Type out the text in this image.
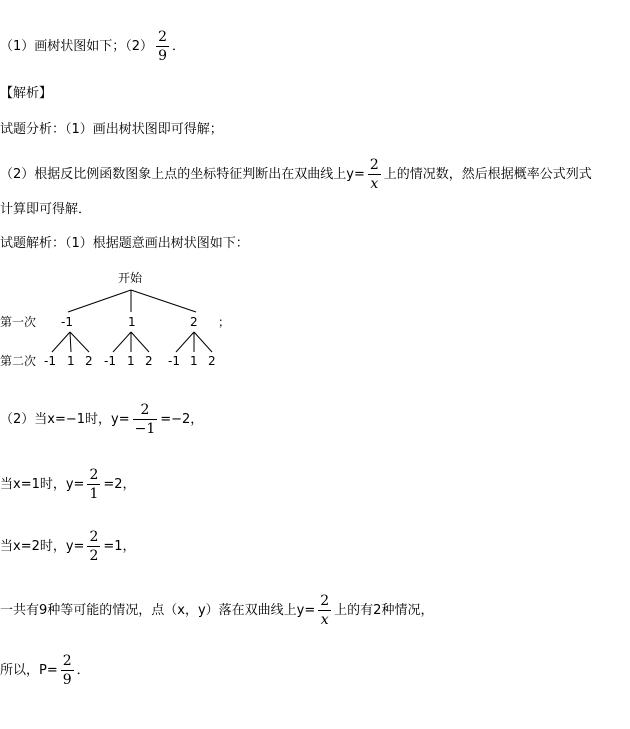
（1）画树状图如下；$(2) \frac{2}{9}$ ．
【解析】
试题分析：（1）画出树状图即可得解；
（2）根据反比例函数图象上点的坐标特征判断出在双曲线上$y= \frac{2}{x}$ 上的情况数，然后根据概率公式列式
计算即可得解．
试题解析：（1）根据题意画出树状图如下：
开始
第一次 -1	1	2 ；
第二次 -1 1 2 -1 1 2 -1 1 2
（2）当x=−1时，$y= \frac{2}{-1} =-2$，
当x=1时，$y= \frac{2}{1} =2$，
当x=2时，$y= \frac{2}{2} =1$，
一共有9种等可能的情况，点（x，y）落在双曲线上$y= \frac{2}{x}$ 上的有2种情况，
所以，$P= \frac{2}{9}$ ．
